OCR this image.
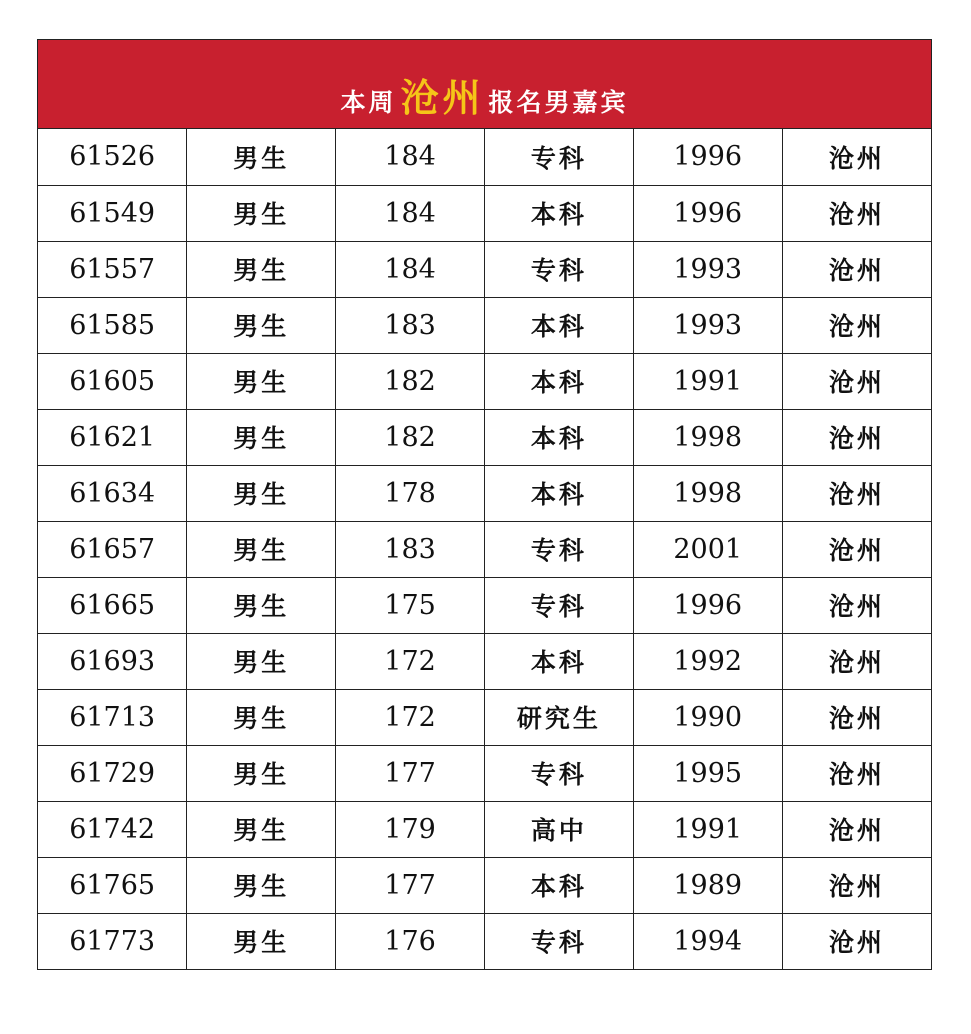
本周 沧州 报名男嘉宾
61526	男生	184	专科	1996	沧州
61549	男生	184	本科	1996	沧州
61557	男生	184	专科	1993	沧州
61585	男生	183	本科	1993	沧州
61605	男生	182	本科	1991	沧州
61621	男生	182	本科	1998	沧州
61634	男生	178	本科	1998	沧州
61657	男生	183	专科	2001	沧州
61665	男生	175	专科	1996	沧州
61693	男生	172	本科	1992	沧州
61713	男生	172	研究生	1990	沧州
61729	男生	177	专科	1995	沧州
61742	男生	179	高中	1991	沧州
61765	男生	177	本科	1989	沧州
61773	男生	176	专科	1994	沧州
